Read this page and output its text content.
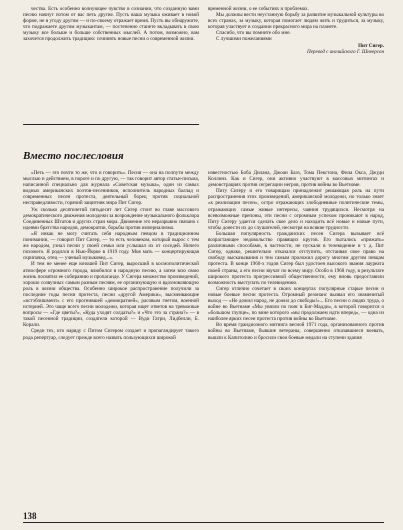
чества. Есть особенно волнующее чувство в сознании, что созданную вами песню начнут потом от вас петь другие. Пусть ваша музыка оживает в новой форме, не в угоду другим — и по-своему отражает время. Пусть вы обнаружите, что подражаете другим музыкантам, — постепенно станете вкладывать в свою музыку все больше и больше собственных мыслей. А потом, возможно, вам захочется продолжить традицию: сочинять новые песни о современной жизни.

Вместо послесловия

«Петь — это почти то же, что и говорить». Песня — она на полпути между мыслью и действием, в пороге и по другую, — так говорит автор статьи-письма, написанной специально для журнала «Советская музыка», один из самых видных американских поэтов-песенников, исполнитель народных баллад и современных песен протеста, деятельный борец против социальной несправедливости, горячий защитник мира Пит Сигер.

Уж сколько десятилетий пятьдесят лет Сигер стоит во главе массового демократического движения молодежи за возрождение музыкального фольклора Соединенных Штатов и других стран мира. Движение это неразрывно связано с идеями братства народов, демократии, борьбы против империализма.

«Я никак не могу считать себя народным певцом в традиционном понимании, — говорит Пит Сигер, — то есть человеком, который вырос с тем же народом, узнал песни у своей семьи или услышал их от соседей. Ничего похожего. Я родился в Нью-Йорке в 1919 году. Моя мать — концертирующая скрипачка, отец — ученый музыковед...».

И тем не менее еще юношей Пит Сигер, выросший в космополитической атмосфере огромного города, влюбился в народную песню, а затем всю свою жизнь посвятил ее собиранию и пропаганде. У Сигера множество произведений, хорошо созвучных самым разным песням, ее организующую и вдохновляющую роль в жизни общества. Особенно широкое распространение получили за последние годы песни протеста, песни «другой Америки», высмеивающие «истэблишмент» с его прогнившей «демократией», расовым гнетом, военной истерией. Это чаще всего песни молодежи, которая ищет ответов на тревожные вопросы — «Где цветы?», «Куда уходят солдаты?» и «Что это за страна?» — в такой песенной традиции, создатели которой — Вуди Гатри, Лидбелли, Б. Корали.

Среди тех, кто наряду с Питом Сигером создает и пропагандирует такого рода репертуар, следует прежде всего назвать пользующихся широкой

временной жизни, о ее событиях и проблемах.

Мы должны вести неустанную борьбу за развитие музыкальной культуры во всех странах, за музыку, которая помогает людям жить и трудиться, за музыку, которая участвует в создании прекрасного мира на планете.

Спасибо, что вы помните обо мне.

С лучшими пожеланиями

Пит Сигер.

Перевод с английского Г. Шнеерсон

известностью Боба Дилана, Джоан Баэз, Тома Пекстона, Фила Окса, Джуди Коллинз. Как и Сигер, они активно участвуют в массовых митингах и демонстрациях против сегрегации негров, против войны во Вьетнаме.

Питу Сигеру и его товарищам принадлежит решающая роль на пути распространения этих произведений, американской молодежи, но только знает «к реализации песен», остро отражающих злободневные политические темы, отражающих самые живые интересы, чаяния трудящихся. Несмотря на всевозможные препоны, эти песни с огромным успехом проникают в народ, Питу Сигеру удается сделать свое дело и находить всё новые и новые пути, чтобы донести их до слушателей, несмотря на всякие трудности.

Большая популярность гражданских песен Сигера вызывает всё возрастающее недовольство правящих кругов. Его пытались «прижать» различными способами, в частности, не пускали в телевидение и т. д. Пит Сигер, однако, решительно отказался отступить, отстаивая свое право на свободу высказывания и тем самым проложил дорогу многим другим певцам протеста. В конце 1960-х годов Сигер был удостоен высокого звания лауреата своей страны, а его песни звучат по всему миру. Особо в 1968 году, в результате широкого протеста прогрессивной общественности, ему вновь предоставили возможность выступать по телевидению.

Сигер отлично сочетает в своих концертах популярные старые песни и новые боевые песни протеста. Огромный резонанс вызвал его знаменитый выход — «Не дожил народ, не дожил до свободы!»... Его песни о людях труда, о войне во Вьетнаме «Мы увязли по пояс в Биг-Мадди», в которой говорится о «большом глупце», по вине которого «мы продолжаем идти вперед», — одна из наиболее ярких песен протеста против войны во Вьетнаме.

Во время грандиозного митинга весной 1971 года, организованного против войны во Вьетнаме, бывшие ветераны, совершенно отказавшиеся воевать, вышли к Капитолию и бросили свои боевые медали на ступени здания

138
